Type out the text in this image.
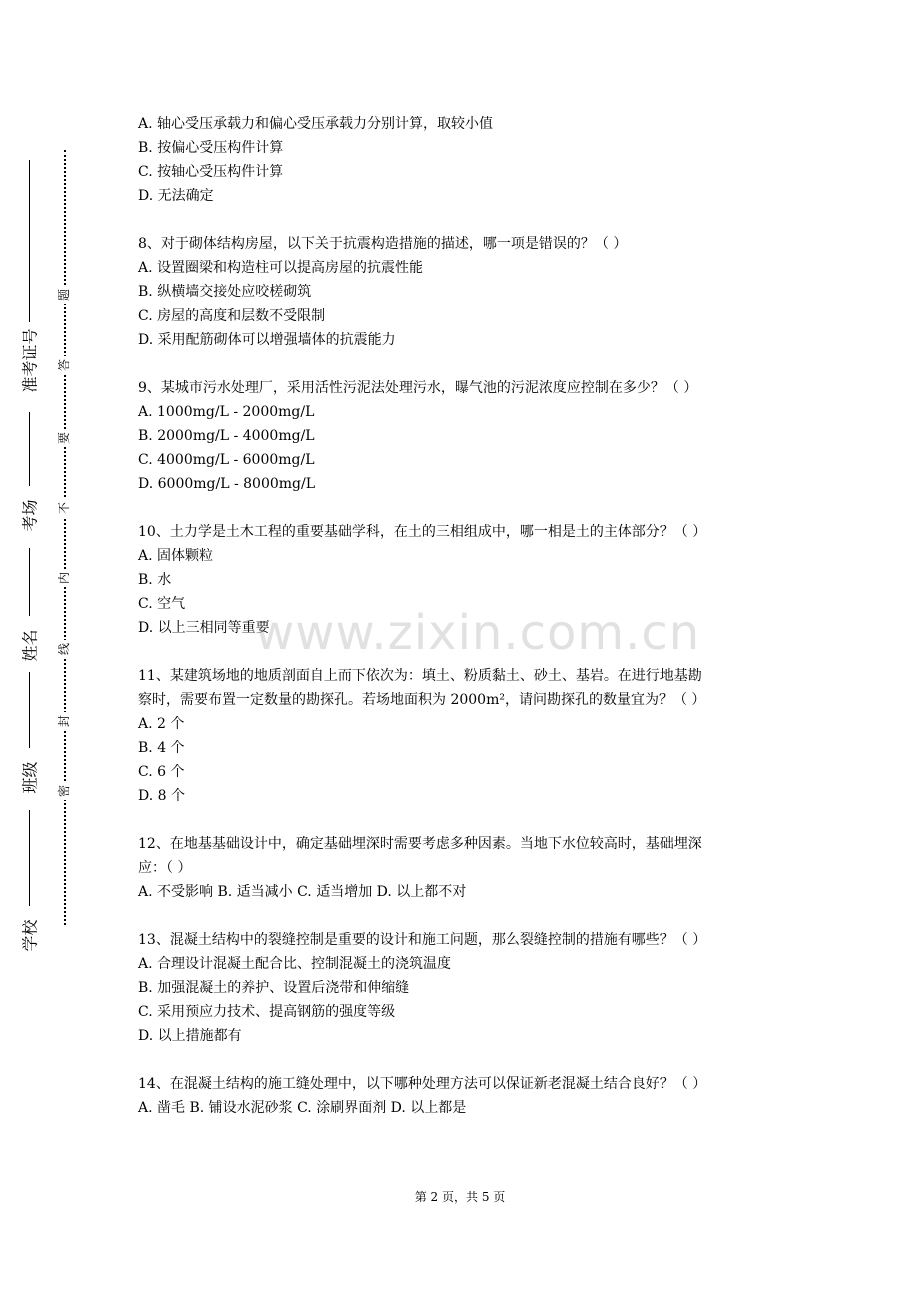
准考证号
考场
姓名
班级
学校
题
答
要
不
内
线
封
密
A. 轴心受压承载力和偏心受压承载力分别计算，取较小值
B. 按偏心受压构件计算
C. 按轴心受压构件计算
D. 无法确定
8、对于砌体结构房屋，以下关于抗震构造措施的描述，哪一项是错误的？（ ）
A. 设置圈梁和构造柱可以提高房屋的抗震性能
B. 纵横墙交接处应咬槎砌筑
C. 房屋的高度和层数不受限制
D. 采用配筋砌体可以增强墙体的抗震能力
9、某城市污水处理厂，采用活性污泥法处理污水，曝气池的污泥浓度应控制在多少？（ ）
A. 1000mg/L - 2000mg/L
B. 2000mg/L - 4000mg/L
C. 4000mg/L - 6000mg/L
D. 6000mg/L - 8000mg/L
10、土力学是土木工程的重要基础学科，在土的三相组成中，哪一相是土的主体部分？（ ）
A. 固体颗粒
B. 水
C. 空气
D. 以上三相同等重要
11、某建筑场地的地质剖面自上而下依次为：填土、粉质黏土、砂土、基岩。在进行地基勘
察时，需要布置一定数量的勘探孔。若场地面积为 2000m²，请问勘探孔的数量宜为？（ ）
A. 2 个
B. 4 个
C. 6 个
D. 8 个
12、在地基基础设计中，确定基础埋深时需要考虑多种因素。当地下水位较高时，基础埋深
应：（ ）
A. 不受影响 B. 适当减小 C. 适当增加 D. 以上都不对
13、混凝土结构中的裂缝控制是重要的设计和施工问题，那么裂缝控制的措施有哪些？（ ）
A. 合理设计混凝土配合比、控制混凝土的浇筑温度
B. 加强混凝土的养护、设置后浇带和伸缩缝
C. 采用预应力技术、提高钢筋的强度等级
D. 以上措施都有
14、在混凝土结构的施工缝处理中，以下哪种处理方法可以保证新老混凝土结合良好？（ ）
A. 凿毛 B. 铺设水泥砂浆 C. 涂刷界面剂 D. 以上都是
www.zixin.com.cn
第 2 页，共 5 页
